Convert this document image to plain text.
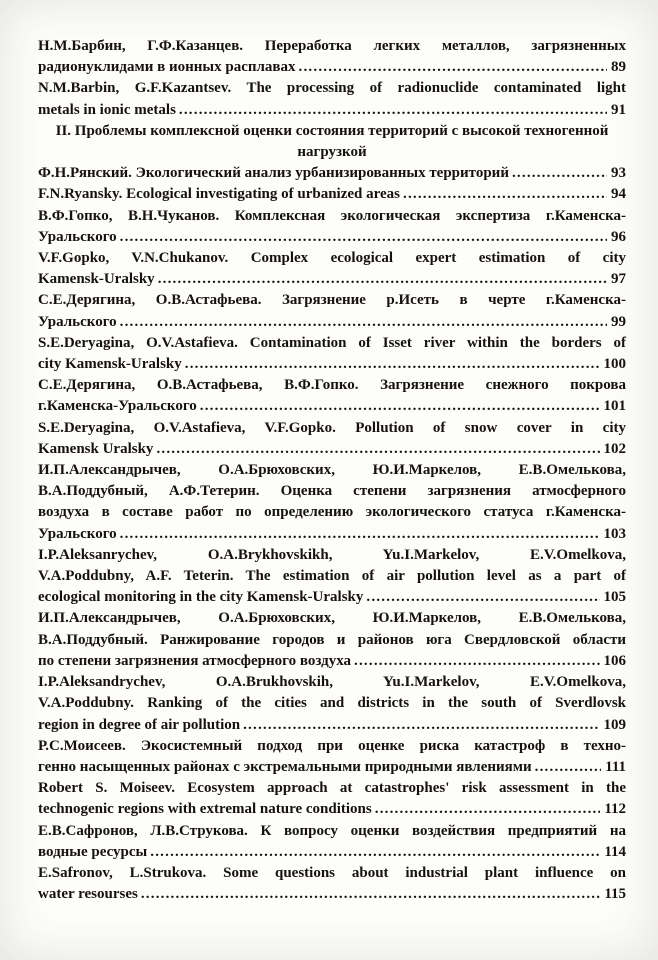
Н.М.Барбин, Г.Ф.Казанцев. Переработка легких металлов, загрязненных
радионуклидами в ионных расплавах .....	89
N.M.Barbin, G.F.Kazantsev. The processing of radionuclide contaminated light
metals in ionic metals .....	91
II. Проблемы комплексной оценки состояния территорий с высокой техногенной
нагрузкой
Ф.Н.Рянский. Экологический анализ урбанизированных территорий .....	93
F.N.Ryansky. Ecological investigating of urbanized areas .....	94
В.Ф.Гопко, В.Н.Чуканов. Комплексная экологическая экспертиза г.Каменска-
Уральского .....	96
V.F.Gopko, V.N.Chukanov. Complex ecological expert estimation of city
Kamensk-Uralsky .....	97
С.Е.Дерягина, О.В.Астафьева. Загрязнение р.Исеть в черте г.Каменска-
Уральского .....	99
S.E.Deryagina, O.V.Astafieva. Contamination of Isset river within the borders of
city Kamensk-Uralsky .....	100
С.Е.Дерягина, О.В.Астафьева, В.Ф.Гопко. Загрязнение снежного покрова
г.Каменска-Уральского .....	101
S.E.Deryagina, O.V.Astafieva, V.F.Gopko. Pollution of snow cover in city
Kamensk Uralsky .....	102
И.П.Александрычев, О.А.Брюховских, Ю.И.Маркелов, Е.В.Омелькова,
В.А.Поддубный, А.Ф.Тетерин. Оценка степени загрязнения атмосферного
воздуха в составе работ по определению экологического статуса г.Каменска-
Уральского .....	103
I.P.Aleksanrychev, O.A.Brykhovskikh, Yu.I.Markelov, E.V.Omelkova,
V.A.Poddubny, A.F. Teterin. The estimation of air pollution level as a part of
ecological monitoring in the city Kamensk-Uralsky .....	105
И.П.Александрычев, О.А.Брюховских, Ю.И.Маркелов, Е.В.Омелькова,
В.А.Поддубный. Ранжирование городов и районов юга Свердловской области
по степени загрязнения атмосферного воздуха .....	106
I.P.Aleksandrychev, O.A.Brukhovskih, Yu.I.Markelov, E.V.Omelkova,
V.A.Poddubny. Ranking of the cities and districts in the south of Sverdlovsk
region in degree of air pollution .....	109
Р.С.Моисеев. Экосистемный подход при оценке риска катастроф в техно-
генно насыщенных районах с экстремальными природными явлениями .....	111
Robert S. Moiseev. Ecosystem approach at catastrophes' risk assessment in the
technogenic regions with extremal nature conditions .....	112
Е.В.Сафронов, Л.В.Струкова. К вопросу оценки воздействия предприятий на
водные ресурсы .....	114
E.Safronov, L.Strukova. Some questions about industrial plant influence on
water resourses .....	115
